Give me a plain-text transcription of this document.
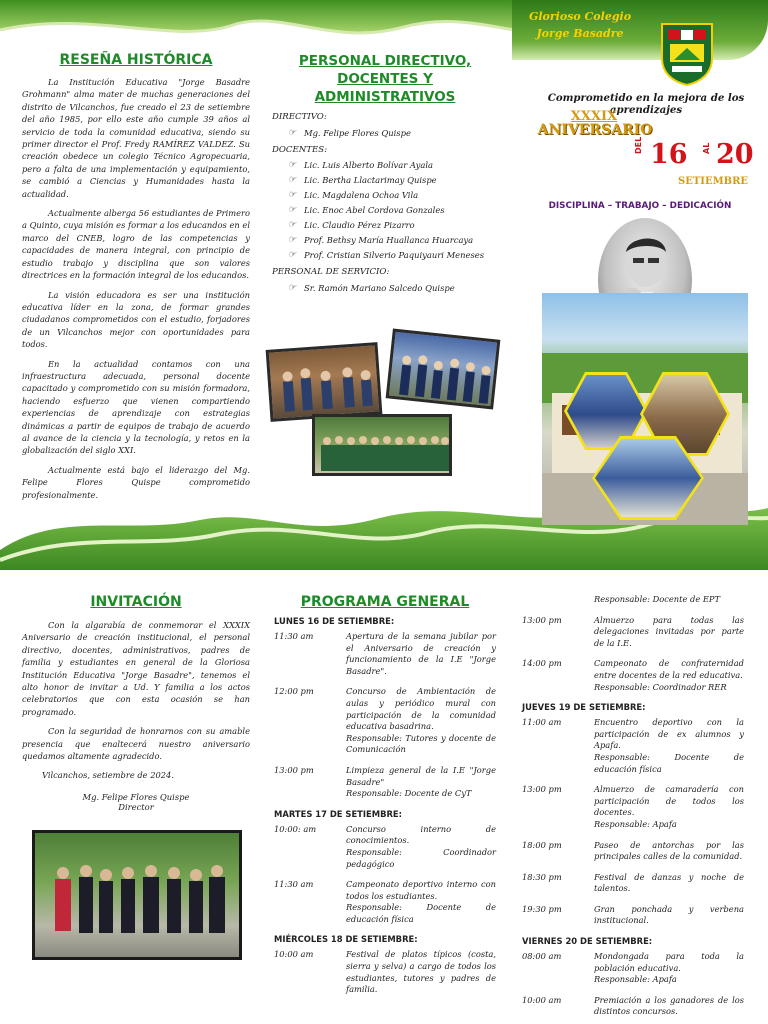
RESEÑA HISTÓRICA

La Institución Educativa "Jorge Basadre Grohmann" alma mater de muchas generaciones del distrito de Vilcanchos, fue creado el 23 de setiembre del año 1985, por ello este año cumple 39 años al servicio de toda la comunidad educativa, siendo su primer director el Prof. Fredy RAMÍREZ VALDEZ. Su creación obedece un colegio Técnico Agropecuaria, pero a falta de una implementación y equipamiento, se cambió a Ciencias y Humanidades hasta la actualidad.

Actualmente alberga 56 estudiantes de Primero a Quinto, cuya misión es formar a los educandos en el marco del CNEB, logro de las competencias y capacidades de manera integral, con principio de estudio trabajo y disciplina que son valores directrices en la formación integral de los educandos.

La visión educadora es ser una institución educativa líder en la zona, de formar grandes ciudadanos comprometidos con el estudio, forjadores de un Vilcanchos mejor con oportunidades para todos.

En la actualidad contamos con una infraestructura adecuada, personal docente capacitado y comprometido con su misión formadora, haciendo esfuerzo que vienen compartiendo experiencias de aprendizaje con estrategias dinámicas a partir de equipos de trabajo de acuerdo al avance de la ciencia y la tecnología, y retos en la globalización del siglo XXI.

Actualmente está bajo el liderazgo del Mg. Felipe Flores Quispe comprometido profesionalmente.

PERSONAL DIRECTIVO,
DOCENTES Y
ADMINISTRATIVOS
DIRECTIVO:
☞ Mg. Felipe Flores Quispe
DOCENTES:
☞ Lic. Luis Alberto Bolívar Ayala
☞ Lic. Bertha Llactarimay Quispe
☞ Lic. Magdalena Ochoa Vila
☞ Lic. Enoc Abel Cordova Gonzales
☞ Lic. Claudio Pérez Pizarro
☞ Prof. Bethsy María Huallanca Huarcaya
☞ Prof. Cristian Silverio Paquiyauri Meneses
PERSONAL DE SERVICIO:
☞ Sr. Ramón Mariano Salcedo Quispe
Glorioso Colegio
Jorge Basadre
Comprometido en la mejora de los aprendizajes
XXXIX
ANIVERSARIO
DEL 16 AL 20
SETIEMBRE
DISCIPLINA – TRABAJO – DEDICACIÓN
INVITACIÓN

Con la algarabía de conmemorar el XXXIX Aniversario de creación institucional, el personal directivo, docentes, administrativos, padres de familia y estudiantes en general de la Gloriosa Institución Educativa "Jorge Basadre", tenemos el alto honor de invitar a Ud. Y familia a los actos celebratorios que con esta ocasión se han programado.

Con la seguridad de honrarnos con su amable presencia que enaltecerá nuestro aniversario quedamos altamente agradecido.

Vilcanchos, setiembre de 2024.

Mg. Felipe Flores Quispe
Director
PROGRAMA GENERAL
LUNES 16 DE SETIEMBRE:
11:30 am	Apertura de la semana jubilar por el Aniversario de creación y funcionamiento de la I.E "Jorge Basadre".
12:00 pm	Concurso de Ambientación de aulas y periódico mural con participación de la comunidad educativa basadrina.
Responsable: Tutores y docente de Comunicación
13:00 pm	Limpieza general de la I.E "Jorge Basadre"
Responsable: Docente de CyT
MARTES 17 DE SETIEMBRE:
10:00: am	Concurso interno de conocimientos.
Responsable: Coordinador pedagógico
11:30 am	Campeonato deportivo interno con todos los estudiantes.
Responsable: Docente de educación física
MIÉRCOLES 18 DE SETIEMBRE:
10:00 am	Festival de platos típicos (costa, sierra y selva) a cargo de todos los estudiantes, tutores y padres de familia.
Responsable: Docente de EPT
13:00 pm	Almuerzo para todas las delegaciones invitadas por parte de la I.E.
14:00 pm	Campeonato de confraternidad entre docentes de la red educativa.
Responsable: Coordinador RER
JUEVES 19 DE SETIEMBRE:
11:00 am	Encuentro deportivo con la participación de ex alumnos y Apafa.
Responsable: Docente de educación física
13:00 pm	Almuerzo de camaradería con participación de todos los docentes.
Responsable: Apafa
18:00 pm	Paseo de antorchas por las principales calles de la comunidad.
18:30 pm	Festival de danzas y noche de talentos.
19:30 pm	Gran ponchada y verbena institucional.
VIERNES 20 DE SETIEMBRE:
08:00 am	Mondongada para toda la población educativa.
Responsable: Apafa
10:00 am	Premiación a los ganadores de los distintos concursos.
